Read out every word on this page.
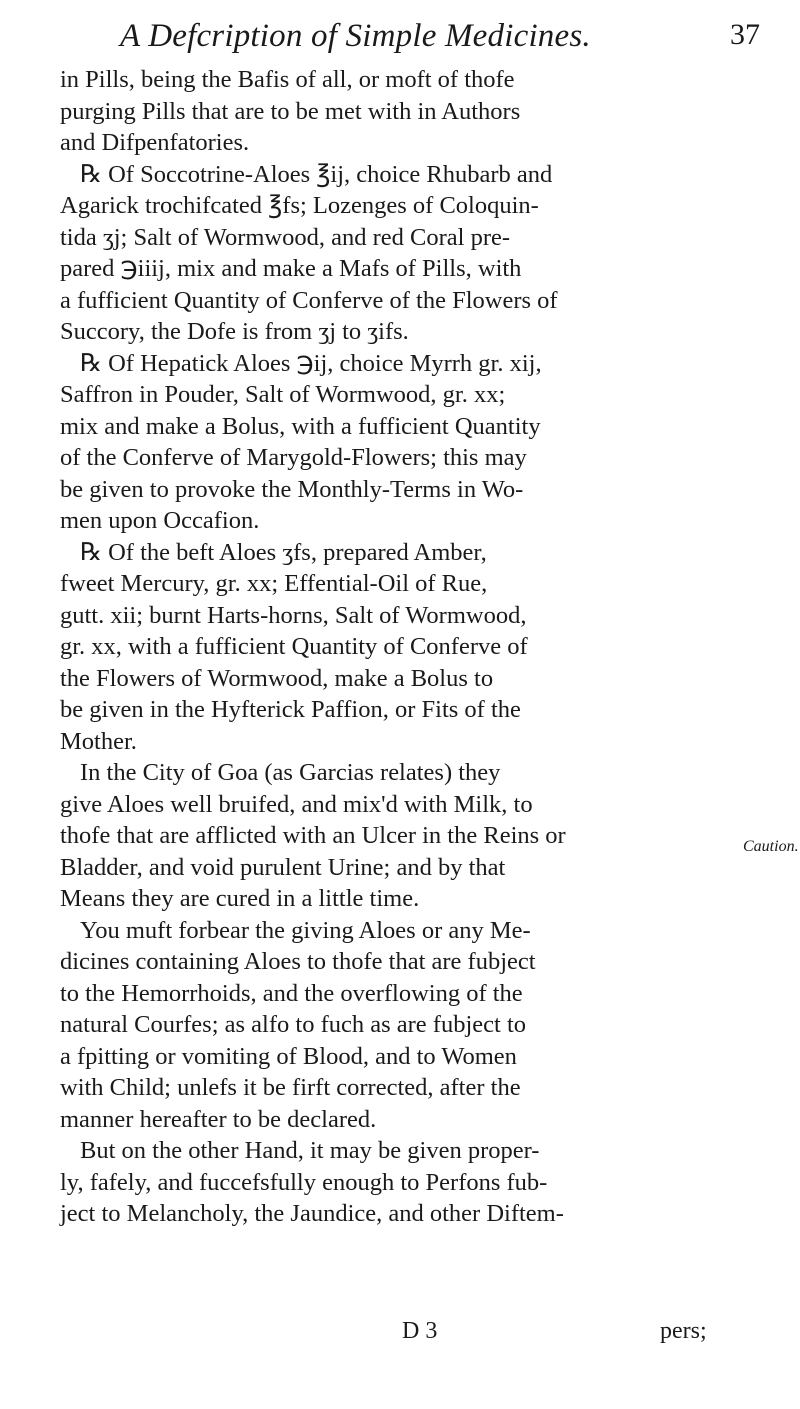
A Defcription of Simple Medicines.	37
in Pills, being the Bafis of all, or moft of thofe
purging Pills that are to be met with in Authors
and Difpenfatories.
℞ Of Soccotrine-Aloes ℥ij, choice Rhubarb and
Agarick trochifcated ℥fs; Lozenges of Coloquin-
tida ʒj; Salt of Wormwood, and red Coral pre-
pared ℈iiij, mix and make a Mafs of Pills, with
a fufficient Quantity of Conferve of the Flowers of
Succory, the Dofe is from ʒj to ʒifs.
℞ Of Hepatick Aloes ℈ij, choice Myrrh gr. xij,
Saffron in Pouder, Salt of Wormwood, gr. xx;
mix and make a Bolus, with a fufficient Quantity
of the Conferve of Marygold-Flowers; this may
be given to provoke the Monthly-Terms in Wo-
men upon Occafion.
℞ Of the beft Aloes ʒfs, prepared Amber,
fweet Mercury, gr. xx; Effential-Oil of Rue,
gutt. xii; burnt Harts-horns, Salt of Wormwood,
gr. xx, with a fufficient Quantity of Conferve of
the Flowers of Wormwood, make a Bolus to
be given in the Hyfterick Paffion, or Fits of the
Mother.
In the City of Goa (as Garcias relates) they
give Aloes well bruifed, and mix'd with Milk, to
thofe that are afflicted with an Ulcer in the Reins or
Bladder, and void purulent Urine; and by that
Means they are cured in a little time.
You muft forbear the giving Aloes or any Me-
dicines containing Aloes to thofe that are fubject
to the Hemorrhoids, and the overflowing of the
natural Courfes; as alfo to fuch as are fubject to
a fpitting or vomiting of Blood, and to Women
with Child; unlefs it be firft corrected, after the
manner hereafter to be declared.
But on the other Hand, it may be given proper-
ly, fafely, and fuccefsfully enough to Perfons fub-
ject to Melancholy, the Jaundice, and other Diftem-
Caution.
D 3	pers;
